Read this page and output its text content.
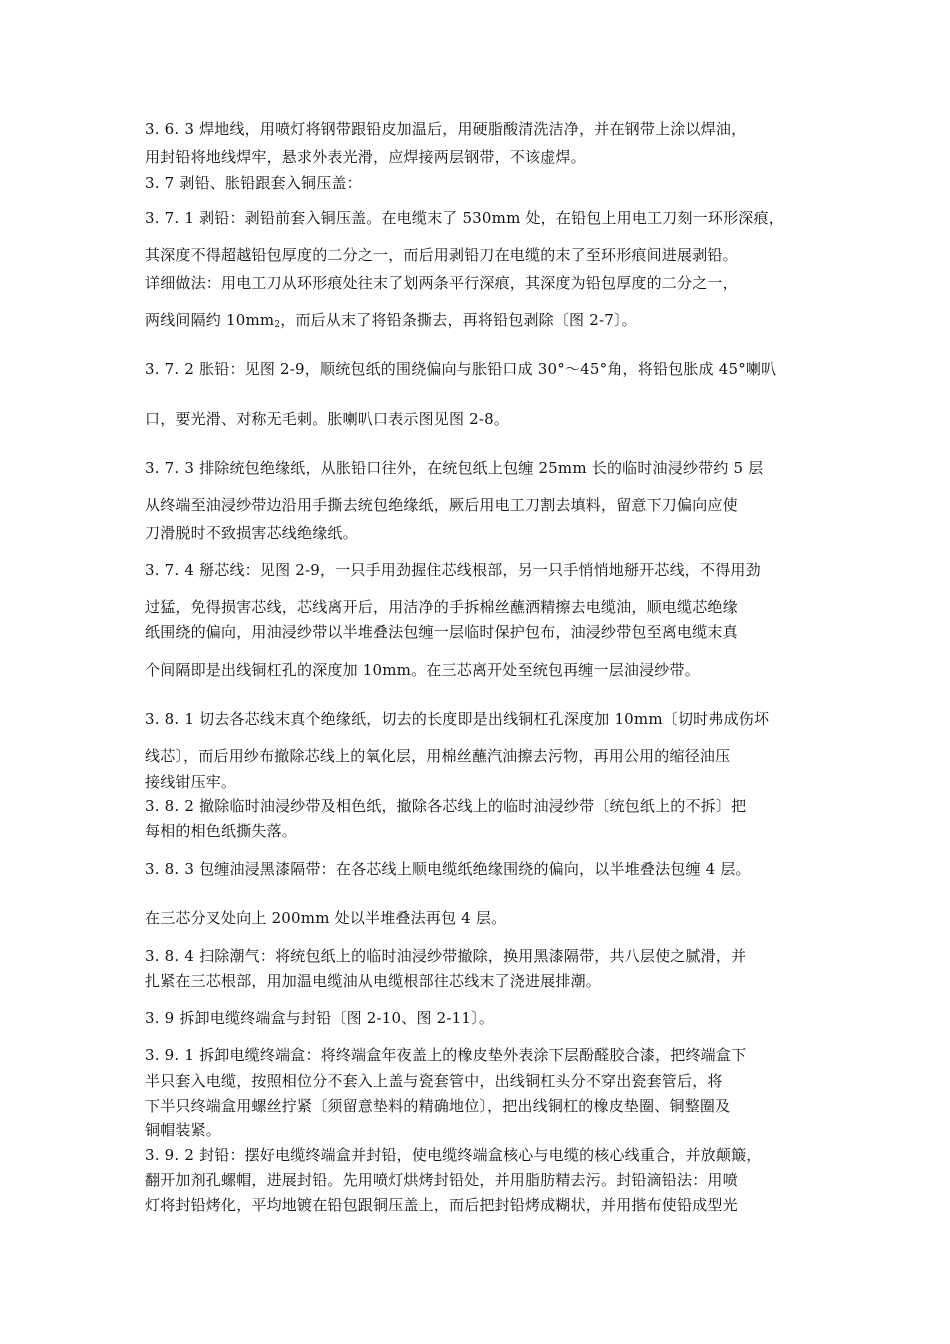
3. 6. 3 焊地线，用喷灯将钢带跟铅皮加温后，用硬脂酸清洗洁净，并在钢带上涂以焊油，
用封铅将地线焊牢，悬求外表光滑，应焊接两层钢带，不该虚焊。
3. 7 剥铅、胀铅跟套入铜压盖：
3. 7. 1 剥铅：剥铅前套入铜压盖。在电缆末了 530mm 处，在铅包上用电工刀刻一环形深痕，
其深度不得超越铅包厚度的二分之一，而后用剥铅刀在电缆的末了至环形痕间进展剥铅。
详细做法：用电工刀从环形痕处往末了划两条平行深痕，其深度为铅包厚度的二分之一，
两线间隔约 $10mm_2$，而后从末了将铅条撕去，再将铅包剥除〔图 2-7〕。
3. 7. 2 胀铅：见图 2-9，顺统包纸的围绕偏向与胀铅口成 30°～45°角，将铅包胀成 45°喇叭
口，要光滑、对称无毛刺。胀喇叭口表示图见图 2-8。
3. 7. 3 排除统包绝缘纸，从胀铅口往外，在统包纸上包缠 25mm 长的临时油浸纱带约 5 层
从终端至油浸纱带边沿用手撕去统包绝缘纸，厥后用电工刀割去填料，留意下刀偏向应使
刀滑脱时不致损害芯线绝缘纸。
3. 7. 4 掰芯线：见图 2-9，一只手用劲握住芯线根部，另一只手悄悄地掰开芯线，不得用劲
过猛，免得损害芯线，芯线离开后，用洁净的手拆棉丝蘸洒精擦去电缆油，顺电缆芯绝缘
纸围绕的偏向，用油浸纱带以半堆叠法包缠一层临时保护包布，油浸纱带包至离电缆末真
个间隔即是出线铜杠孔的深度加 10mm。在三芯离开处至统包再缠一层油浸纱带。
3. 8. 1 切去各芯线末真个绝缘纸，切去的长度即是出线铜杠孔深度加 10mm〔切时弗成伤坏
线芯〕，而后用纱布撤除芯线上的氧化层，用棉丝蘸汽油擦去污物，再用公用的缩径油压
接线钳压牢。
3. 8. 2 撤除临时油浸纱带及相色纸，撤除各芯线上的临时油浸纱带〔统包纸上的不拆〕把
每相的相色纸撕失落。
3. 8. 3 包缠油浸黑漆隔带：在各芯线上顺电缆纸绝缘围绕的偏向，以半堆叠法包缠 4 层。
在三芯分叉处向上 200mm 处以半堆叠法再包 4 层。
3. 8. 4 扫除潮气：将统包纸上的临时油浸纱带撤除，换用黑漆隔带，共八层使之腻滑，并
扎紧在三芯根部，用加温电缆油从电缆根部往芯线末了浇进展排潮。
3. 9 拆卸电缆终端盒与封铅〔图 2-10、图 2-11〕。
3. 9. 1 拆卸电缆终端盒：将终端盒年夜盖上的橡皮垫外表涂下层酚醛胶合漆，把终端盒下
半只套入电缆，按照相位分不套入上盖与瓷套管中，出线铜杠头分不穿出瓷套管后，将
下半只终端盒用螺丝拧紧〔须留意垫料的精确地位〕，把出线铜杠的橡皮垫圈、铜整圈及
铜帽装紧。
3. 9. 2 封铅：摆好电缆终端盒并封铅，使电缆终端盒核心与电缆的核心线重合，并放颠簸，
翻开加剂孔螺帽，进展封铅。先用喷灯烘烤封铅处，并用脂肪精去污。封铅滴铅法：用喷
灯将封铅烤化，平均地镀在铅包跟铜压盖上，而后把封铅烤成糊状，并用揩布使铅成型光
